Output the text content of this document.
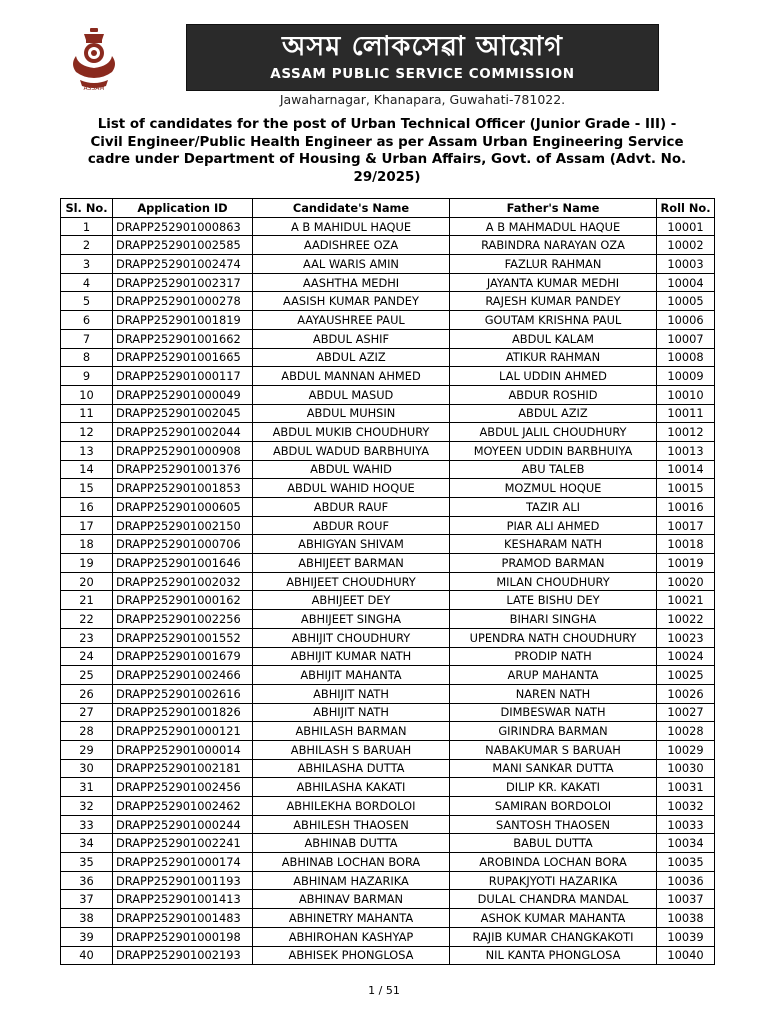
ASSAM
অসম লোকসেৱা আয়োগ
ASSAM PUBLIC SERVICE COMMISSION
Jawaharnagar, Khanapara, Guwahati-781022.
List of candidates for the post of Urban Technical Officer (Junior Grade - III) -
Civil Engineer/Public Health Engineer as per Assam Urban Engineering Service
cadre under Department of Housing & Urban Affairs, Govt. of Assam (Advt. No.
29/2025)
Sl. No.	Application ID	Candidate's Name	Father's Name	Roll No.
1	DRAPP252901000863	A B MAHIDUL HAQUE	A B MAHMADUL HAQUE	10001
2	DRAPP252901002585	AADISHREE OZA	RABINDRA NARAYAN OZA	10002
3	DRAPP252901002474	AAL WARIS AMIN	FAZLUR RAHMAN	10003
4	DRAPP252901002317	AASHTHA MEDHI	JAYANTA KUMAR MEDHI	10004
5	DRAPP252901000278	AASISH KUMAR PANDEY	RAJESH KUMAR PANDEY	10005
6	DRAPP252901001819	AAYAUSHREE PAUL	GOUTAM KRISHNA PAUL	10006
7	DRAPP252901001662	ABDUL ASHIF	ABDUL KALAM	10007
8	DRAPP252901001665	ABDUL AZIZ	ATIKUR RAHMAN	10008
9	DRAPP252901000117	ABDUL MANNAN AHMED	LAL UDDIN AHMED	10009
10	DRAPP252901000049	ABDUL MASUD	ABDUR ROSHID	10010
11	DRAPP252901002045	ABDUL MUHSIN	ABDUL AZIZ	10011
12	DRAPP252901002044	ABDUL MUKIB CHOUDHURY	ABDUL JALIL CHOUDHURY	10012
13	DRAPP252901000908	ABDUL WADUD BARBHUIYA	MOYEEN UDDIN BARBHUIYA	10013
14	DRAPP252901001376	ABDUL WAHID	ABU TALEB	10014
15	DRAPP252901001853	ABDUL WAHID HOQUE	MOZMUL HOQUE	10015
16	DRAPP252901000605	ABDUR RAUF	TAZIR ALI	10016
17	DRAPP252901002150	ABDUR ROUF	PIAR ALI AHMED	10017
18	DRAPP252901000706	ABHIGYAN SHIVAM	KESHARAM NATH	10018
19	DRAPP252901001646	ABHIJEET BARMAN	PRAMOD BARMAN	10019
20	DRAPP252901002032	ABHIJEET CHOUDHURY	MILAN CHOUDHURY	10020
21	DRAPP252901000162	ABHIJEET DEY	LATE BISHU DEY	10021
22	DRAPP252901002256	ABHIJEET SINGHA	BIHARI SINGHA	10022
23	DRAPP252901001552	ABHIJIT CHOUDHURY	UPENDRA NATH CHOUDHURY	10023
24	DRAPP252901001679	ABHIJIT KUMAR NATH	PRODIP NATH	10024
25	DRAPP252901002466	ABHIJIT MAHANTA	ARUP MAHANTA	10025
26	DRAPP252901002616	ABHIJIT NATH	NAREN NATH	10026
27	DRAPP252901001826	ABHIJIT NATH	DIMBESWAR NATH	10027
28	DRAPP252901000121	ABHILASH BARMAN	GIRINDRA BARMAN	10028
29	DRAPP252901000014	ABHILASH S BARUAH	NABAKUMAR S BARUAH	10029
30	DRAPP252901002181	ABHILASHA DUTTA	MANI SANKAR DUTTA	10030
31	DRAPP252901002456	ABHILASHA KAKATI	DILIP KR. KAKATI	10031
32	DRAPP252901002462	ABHILEKHA BORDOLOI	SAMIRAN BORDOLOI	10032
33	DRAPP252901000244	ABHILESH THAOSEN	SANTOSH THAOSEN	10033
34	DRAPP252901002241	ABHINAB DUTTA	BABUL DUTTA	10034
35	DRAPP252901000174	ABHINAB LOCHAN BORA	AROBINDA LOCHAN BORA	10035
36	DRAPP252901001193	ABHINAM HAZARIKA	RUPAKJYOTI HAZARIKA	10036
37	DRAPP252901001413	ABHINAV BARMAN	DULAL CHANDRA MANDAL	10037
38	DRAPP252901001483	ABHINETRY MAHANTA	ASHOK KUMAR MAHANTA	10038
39	DRAPP252901000198	ABHIROHAN KASHYAP	RAJIB KUMAR CHANGKAKOTI	10039
40	DRAPP252901002193	ABHISEK PHONGLOSA	NIL KANTA PHONGLOSA	10040
1 / 51
